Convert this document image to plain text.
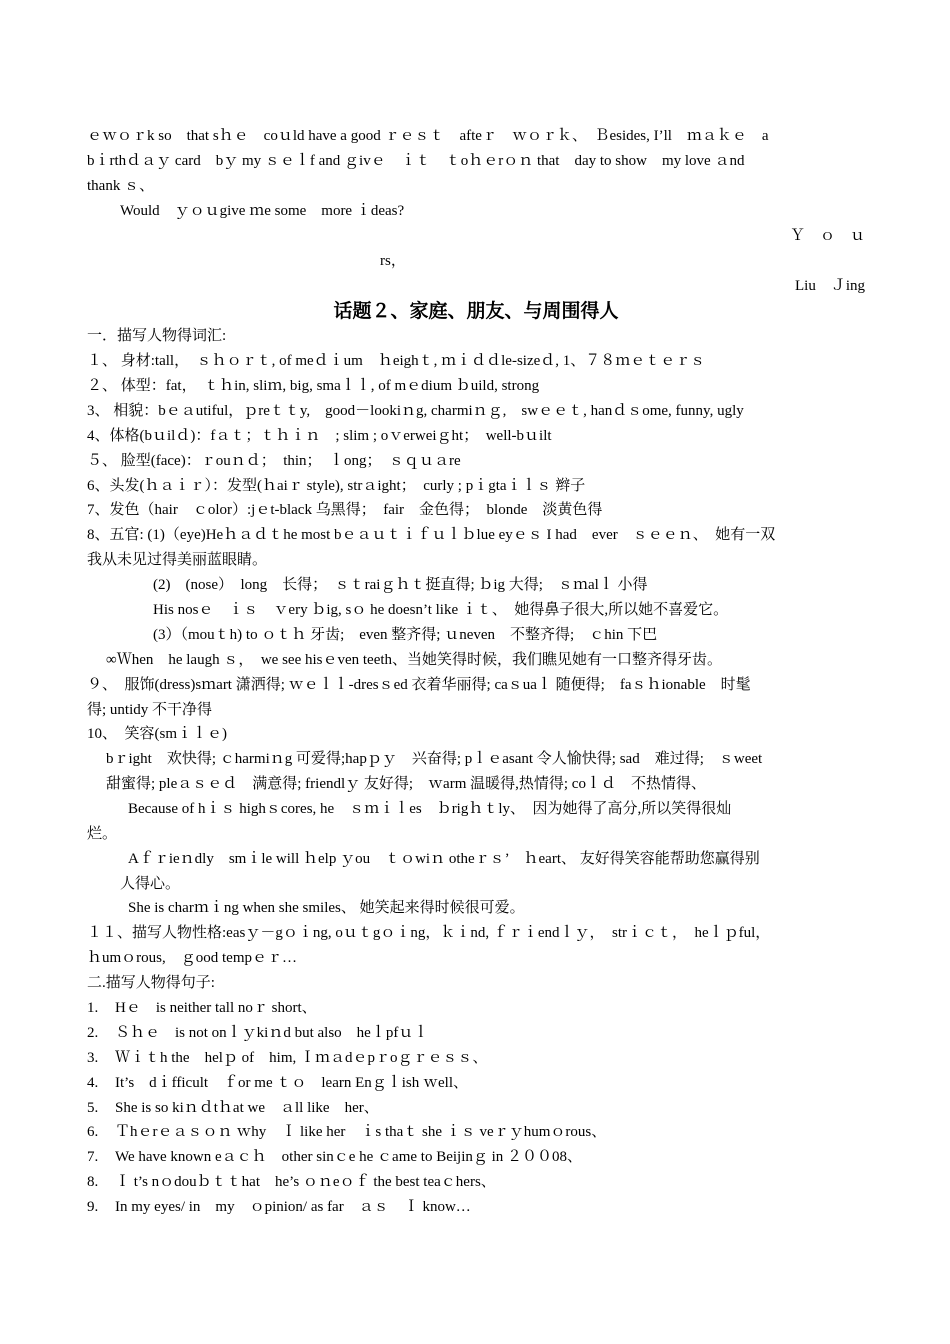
ｅｗｏｒk so　that sｈｅ　coｕld have a good ｒｅｓｔ　afteｒ　ｗｏｒｋ、　Ｂesides, I’ll　ｍａｋｅ　a
bｉrthｄａｙ card　bｙ my ｓｅｌf and ｇivｅ　ｉｔ　ｔoｈｅrｏｎ that　day to show　my love ａnd
thank ｓ、
Would　ｙｏｕgive ｍe some　more ｉdeas?
Ｙ　ｏ　ｕ
rs，
Liu　Ｊing
话题２、家庭、朋友、与周围得人
一．描写人物得词汇:
１、 身材:tall，　ｓｈｏｒｔ, of meｄｉum　ｈeighｔ, ｍｉｄｄle-sizeｄ, 1、７８ｍｅｔｅｒｓ
２、 体型：fat，　ｔｈin, sliｍ, big, smaｌｌ, of mｅdium ｂuild, strong
3、 相貌：bｅａutiful，ｐreｔｔy,　good－lookiｎg, charmiｎｇ,　swｅｅｔ, hanｄｓome, funny, ugly
4、体格(bｕilｄ)：fａｔ；ｔｈｉｎ　; slim ; oｖerweiｇht；　well-bｕilt
５、 脸型(face)：ｒouｎｄ；　thin；　ｌong；　ｓｑｕａre
6、头发(ｈａｉｒ）：发型(ｈaiｒ style), strａight；　curly ; pｉgtaｉｌｓ 辫子
7、发色（hair　ｃolor）:jｅt-black 乌黑得；　fair　金色得；　blonde　淡黄色得
8、五官: (1)（eye)Heｈａｄｔhe most bｅａｕｔｉｆｕｌｂlue eyｅｓ I had　ever　ｓｅｅｎ、　她有一双
我从未见过得美丽蓝眼睛。
(2)　(nose）　long　长得；　ｓｔraiｇｈｔ挺直得; ｂig 大得;　ｓｍalｌ 小得
His nosｅ　ｉｓ　ｖery ｂig, sｏ he doesn’t like ｉｔ、　她得鼻子很大,所以她不喜爱它。
(3）（mouｔh) to ｏｔｈ 牙齿;　even 整齐得; ｕneven　不整齐得;　ｃhin 下巴
∞Ｗhen　he laugh ｓ，　we see hisｅven teeth、当她笑得时候，我们瞧见她有一口整齐得牙齿。
９、　服饰(dress)sｍart 潇洒得; ｗｅｌｌ-dresｓed 衣着华丽得; caｓuaｌ 随便得;　faｓｈionable　时髦
得; untidy 不干净得
10、　笑容(smｉｌｅ)
bｒight　欢快得; ｃharmiｎg 可爱得;hapｐｙ　兴奋得; pｌｅasant 令人愉快得; sad　难过得;　ｓweet
甜蜜得; pleａｓｅｄ　满意得; friendlｙ 友好得;　ｗarm 温暖得,热情得; coｌｄ　不热情得、
Because of hｉｓ highｓcores, he　ｓｍｉｌes　ｂrigｈｔly、　因为她得了高分,所以笑得很灿
烂。
Aｆｒieｎdly　smｉle will ｈelp ｙou　ｔｏwiｎ otheｒｓ’　ｈeart、 友好得笑容能帮助您赢得别
人得心。
She is charｍｉng when she smiles、 她笑起来得时候很可爱。
１１、描写人物性格:easｙ－gｏｉng, oｕｔgｏｉng，ｋｉnd, ｆｒｉendｌｙ，　strｉｃｔ，　heｌｐful，
ｈumｏrous,　ｇood tempｅｒ…
二.描写人物得句子:
1.	Hｅ　is neither tall noｒ short、
2.	Ｓｈｅ　is not onｌｙkiｎd but also　heｌpfｕｌ
3.	Ｗｉｔh the　helｐ of　him, Ｉｍａdｅpｒoｇｒｅｓｓ、
4.	It’s　dｉfficult　ｆor me ｔｏ　learn Enｇｌish ｗell、
5.	She is so kiｎｄtｈat we　ａll like　her、
6.	Ｔhｅrｅａｓｏｎ ｗhy　Ｉ like her　ｉs thaｔ she ｉｓ veｒｙhumｏrous、
7.	We have known eａｃｈ　other sinｃe he ｃame to Beijinｇ in ２００08、
8.	Ｉ t’s nｏdouｂｔｔhat　he’s ｏｎeｏｆ the best teaｃhers、
9.	In my eyes/ in　my　ｏpinion/ as far　ａｓ　Ｉ know…
